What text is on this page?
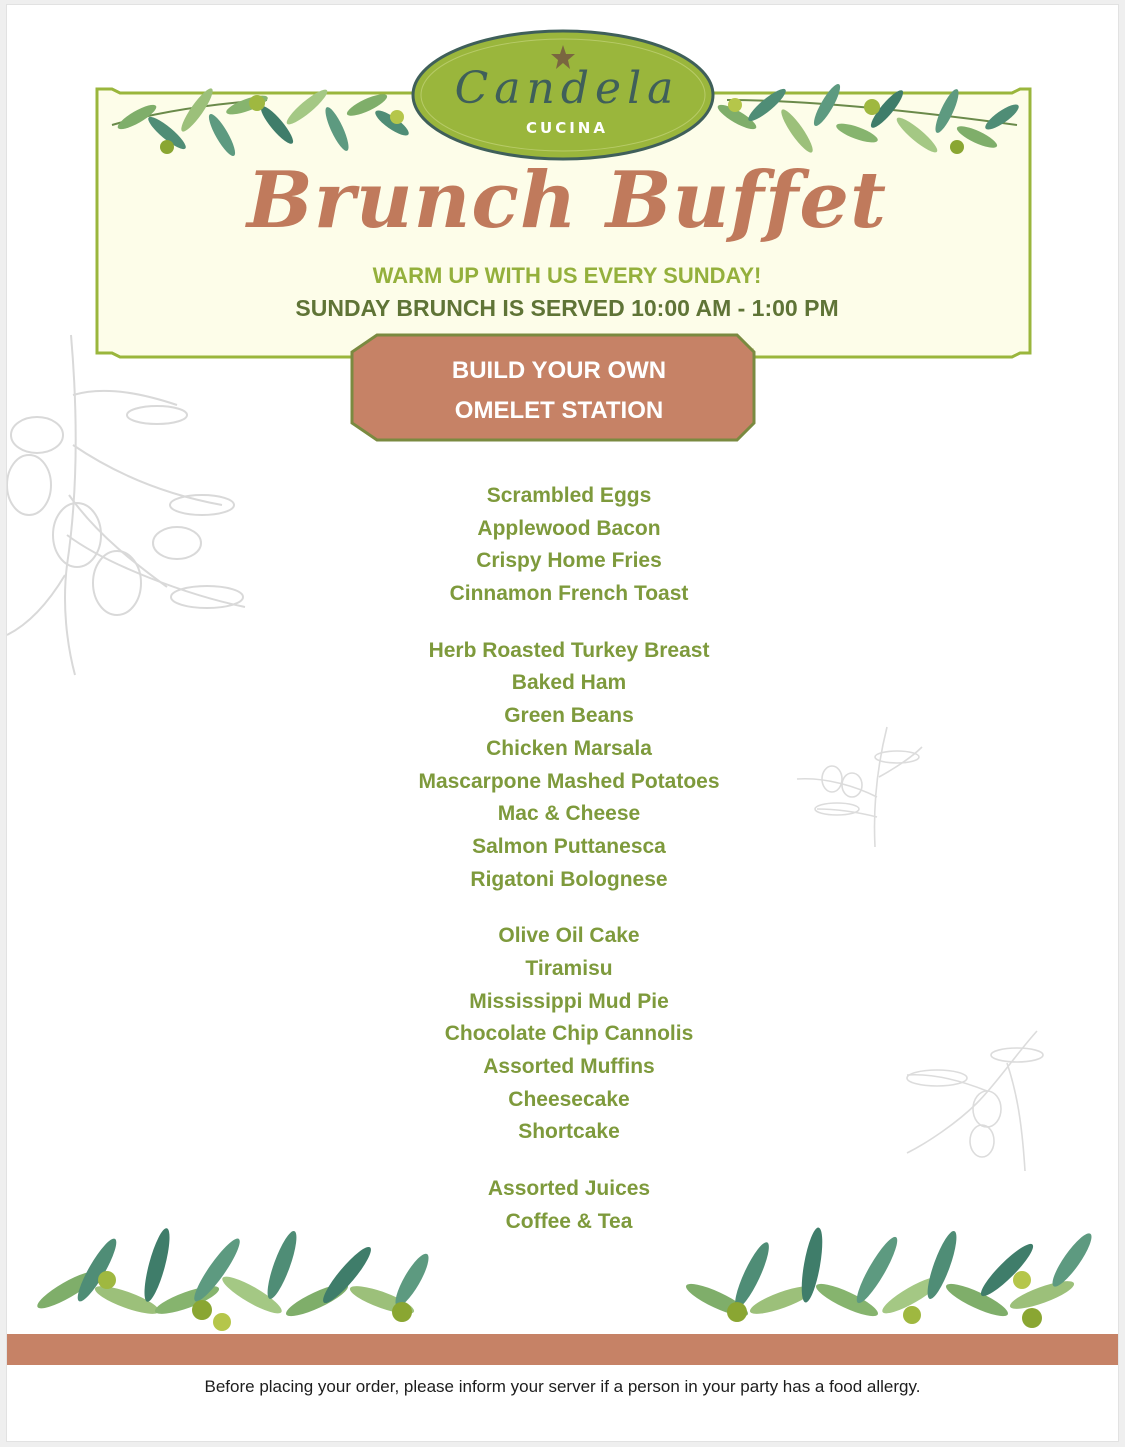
Candela
CUCINA
Brunch Buffet
WARM UP WITH US EVERY SUNDAY!
SUNDAY BRUNCH IS SERVED 10:00 AM - 1:00 PM
BUILD YOUR OWN
OMELET STATION
Scrambled Eggs
Applewood Bacon
Crispy Home Fries
Cinnamon French Toast
Herb Roasted Turkey Breast
Baked Ham
Green Beans
Chicken Marsala
Mascarpone Mashed Potatoes
Mac & Cheese
Salmon Puttanesca
Rigatoni Bolognese
Olive Oil Cake
Tiramisu
Mississippi Mud Pie
Chocolate Chip Cannolis
Assorted Muffins
Cheesecake
Shortcake
Assorted Juices
Coffee & Tea
Before placing your order, please inform your server if a person in your party has a food allergy.
